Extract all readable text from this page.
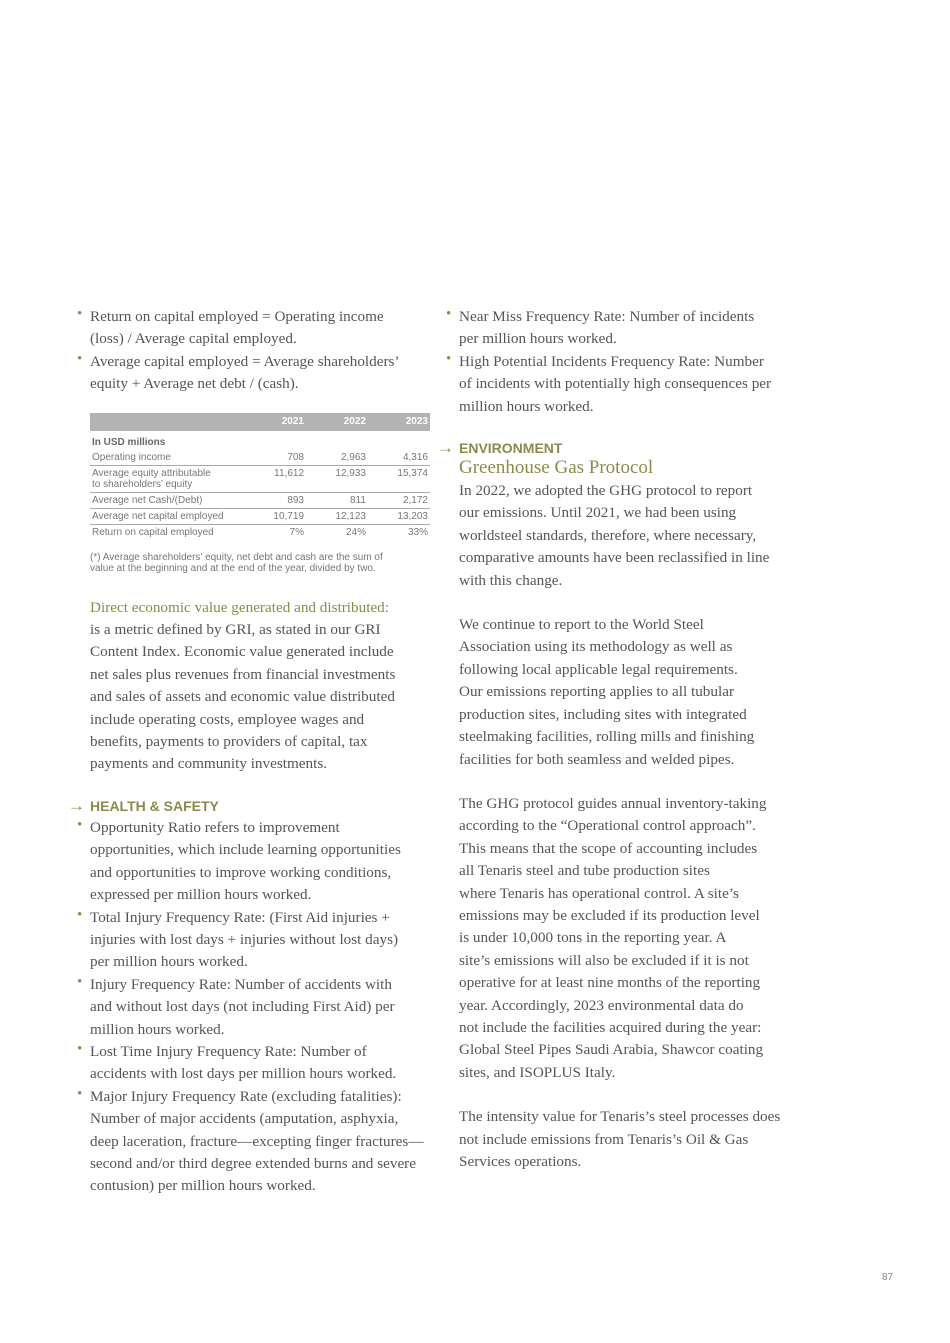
• Return on capital employed = Operating income
(loss) / Average capital employed.
• Average capital employed = Average shareholders’
equity + Average net debt / (cash).
	2021	2022	2023
In USD millions			

Operating income	708	2,963	4,316

Average equity attributable
to shareholders’ equity	11,612	12,933	15,374

Average net Cash/(Debt)	893	811	2,172

Average net capital employed	10,719	12,123	13,203

Return on capital employed	7%	24%	33%
(*) Average shareholders’ equity, net debt and cash are the sum of
value at the beginning and at the end of the year, divided by two.
Direct economic value generated and distributed:
is a metric defined by GRI, as stated in our GRI
Content Index. Economic value generated include
net sales plus revenues from financial investments
and sales of assets and economic value distributed
include operating costs, employee wages and
benefits, payments to providers of capital, tax
payments and community investments.
→ HEALTH & SAFETY
• Opportunity Ratio refers to improvement
opportunities, which include learning opportunities
and opportunities to improve working conditions,
expressed per million hours worked.
• Total Injury Frequency Rate: (First Aid injuries +
injuries with lost days + injuries without lost days)
per million hours worked.
• Injury Frequency Rate: Number of accidents with
and without lost days (not including First Aid) per
million hours worked.
• Lost Time Injury Frequency Rate: Number of
accidents with lost days per million hours worked.
• Major Injury Frequency Rate (excluding fatalities):
Number of major accidents (amputation, asphyxia,
deep laceration, fracture—excepting finger fractures—
second and/or third degree extended burns and severe
contusion) per million hours worked.
• Near Miss Frequency Rate: Number of incidents
per million hours worked.
• High Potential Incidents Frequency Rate: Number
of incidents with potentially high consequences per
million hours worked.
→ ENVIRONMENT
Greenhouse Gas Protocol
In 2022, we adopted the GHG protocol to report
our emissions. Until 2021, we had been using
worldsteel standards, therefore, where necessary,
comparative amounts have been reclassified in line
with this change.
We continue to report to the World Steel
Association using its methodology as well as
following local applicable legal requirements.
Our emissions reporting applies to all tubular
production sites, including sites with integrated
steelmaking facilities, rolling mills and finishing
facilities for both seamless and welded pipes.
The GHG protocol guides annual inventory-taking
according to the “Operational control approach”.
This means that the scope of accounting includes
all Tenaris steel and tube production sites
where Tenaris has operational control. A site’s
emissions may be excluded if its production level
is under 10,000 tons in the reporting year. A
site’s emissions will also be excluded if it is not
operative for at least nine months of the reporting
year. Accordingly, 2023 environmental data do
not include the facilities acquired during the year:
Global Steel Pipes Saudi Arabia, Shawcor coating
sites, and ISOPLUS Italy.
The intensity value for Tenaris’s steel processes does
not include emissions from Tenaris’s Oil & Gas
Services operations.
87
